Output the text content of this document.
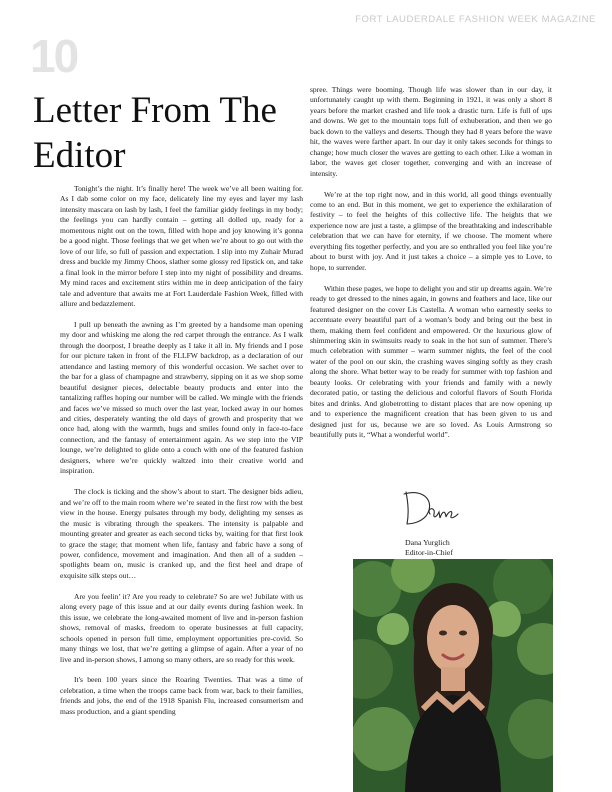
FORT LAUDERDALE FASHION WEEK MAGAZINE
10
Letter From The Editor

Tonight’s the night. It’s finally here! The week we’ve all been waiting for. As I dab some color on my face, delicately line my eyes and layer my lash intensity mascara on lash by lash, I feel the familiar giddy feelings in my body; the feelings you can hardly contain – getting all dolled up, ready for a momentous night out on the town, filled with hope and joy knowing it’s gonna be a good night. Those feelings that we get when we’re about to go out with the love of our life, so full of passion and expectation. I slip into my Zuhair Murad dress and buckle my Jimmy Choos, slather some glossy red lipstick on, and take a final look in the mirror before I step into my night of possibility and dreams. My mind races and excitement stirs within me in deep anticipation of the fairy tale and adventure that awaits me at Fort Lauderdale Fashion Week, filled with allure and bedazzlement.

I pull up beneath the awning as I’m greeted by a handsome man opening my door and whisking me along the red carpet through the entrance. As I walk through the doorpost, I breathe deeply as I take it all in. My friends and I pose for our picture taken in front of the FLLFW backdrop, as a declaration of our attendance and lasting memory of this wonderful occasion. We sachet over to the bar for a glass of champagne and strawberry, sipping on it as we shop some beautiful designer pieces, delectable beauty products and enter into the tantalizing raffles hoping our number will be called. We mingle with the friends and faces we’ve missed so much over the last year, locked away in our homes and cities, desperately wanting the old days of growth and prosperity that we once had, along with the warmth, hugs and smiles found only in face-to-face connection, and the fantasy of entertainment again. As we step into the VIP lounge, we’re delighted to glide onto a couch with one of the featured fashion designers, where we’re quickly waltzed into their creative world and inspiration.

The clock is ticking and the show’s about to start. The designer bids adieu, and we’re off to the main room where we’re seated in the first row with the best view in the house. Energy pulsates through my body, delighting my senses as the music is vibrating through the speakers. The intensity is palpable and mounting greater and greater as each second ticks by, waiting for that first look to grace the stage; that moment when life, fantasy and fabric have a song of power, confidence, movement and imagination. And then all of a sudden – spotlights beam on, music is cranked up, and the first heel and drape of exquisite silk steps out…

Are you feelin’ it? Are you ready to celebrate? So are we! Jubilate with us along every page of this issue and at our daily events during fashion week. In this issue, we celebrate the long-awaited moment of live and in-person fashion shows, removal of masks, freedom to operate businesses at full capacity, schools opened in person full time, employment opportunities pre-covid. So many things we lost, that we’re getting a glimpse of again. After a year of no live and in-person shows, I among so many others, are so ready for this week.

It's been 100 years since the Roaring Twenties. That was a time of celebration, a time when the troops came back from war, back to their families, friends and jobs, the end of the 1918 Spanish Flu, increased consumerism and mass production, and a giant spending

spree. Things were booming. Though life was slower than in our day, it unfortunately caught up with them. Beginning in 1921, it was only a short 8 years before the market crashed and life took a drastic turn. Life is full of ups and downs. We get to the mountain tops full of exhuberation, and then we go back down to the valleys and deserts. Though they had 8 years before the wave hit, the waves were farther apart. In our day it only takes seconds for things to change; how much closer the waves are getting to each other. Like a woman in labor, the waves get closer together, converging and with an increase of intensity.

We’re at the top right now, and in this world, all good things eventually come to an end. But in this moment, we get to experience the exhilaration of festivity – to feel the heights of this collective life. The heights that we experience now are just a taste, a glimpse of the breathtaking and indescribable celebration that we can have for eternity, if we choose. The moment where everything fits together perfectly, and you are so enthralled you feel like you’re about to burst with joy. And it just takes a choice – a simple yes to Love, to hope, to surrender.

Within these pages, we hope to delight you and stir up dreams again. We’re ready to get dressed to the nines again, in gowns and feathers and lace, like our featured designer on the cover Lis Castella. A woman who earnestly seeks to accentuate every beautiful part of a woman’s body and bring out the best in them, making them feel confident and empowered. Or the luxurious glow of shimmering skin in swimsuits ready to soak in the hot sun of summer. There’s much celebration with summer – warm summer nights, the feel of the cool water of the pool on our skin, the crashing waves singing softly as they crash along the shore. What better way to be ready for summer with top fashion and beauty looks. Or celebrating with your friends and family with a newly decorated patio, or tasting the delicious and colorful flavors of South Florida bites and drinks. And globetrotting to distant places that are now opening up and to experience the magnificent creation that has been given to us and designed just for us, because we are so loved. As Louis Armstrong so beautifully puts it, “What a wonderful world”.

Dana Yurglich
Editor-in-Chief
